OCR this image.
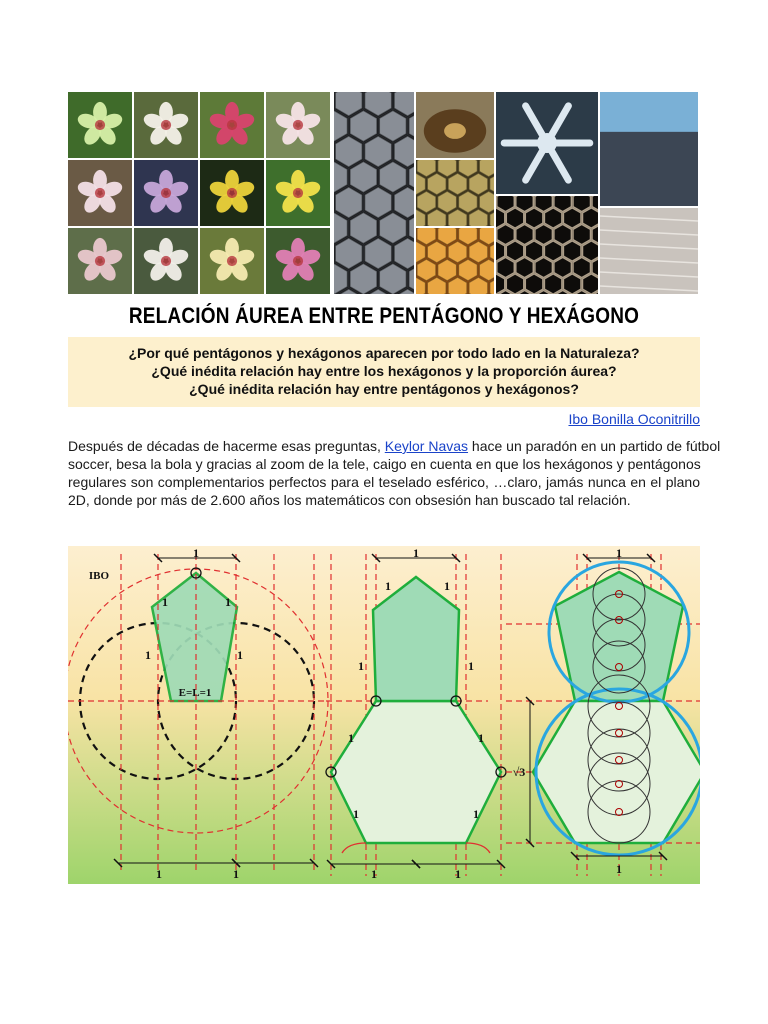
RELACIÓN ÁUREA ENTRE PENTÁGONO Y HEXÁGONO
¿Por qué pentágonos y hexágonos aparecen por todo lado en la Naturaleza?
¿Qué inédita relación hay entre los hexágonos y la proporción áurea?
¿Qué inédita relación hay entre pentágonos y hexágonos?
Ibo Bonilla Oconitrillo
Después de décadas de hacerme esas preguntas, Keylor Navas hace un paradón en un partido de fútbol
soccer, besa la bola y gracias al zoom de la tele, caigo en cuenta en que los hexágonos y pentágonos
regulares son complementarios perfectos para el teselado esférico, …claro, jamás nunca en el plano
2D, donde por más de 2.600 años los matemáticos con obsesión han buscado tal relación.
IBO
1
1	1
1	1
E=L=1
1	1
1
1	1
1	1
1	1
1	1
1	1
1
√3
1
